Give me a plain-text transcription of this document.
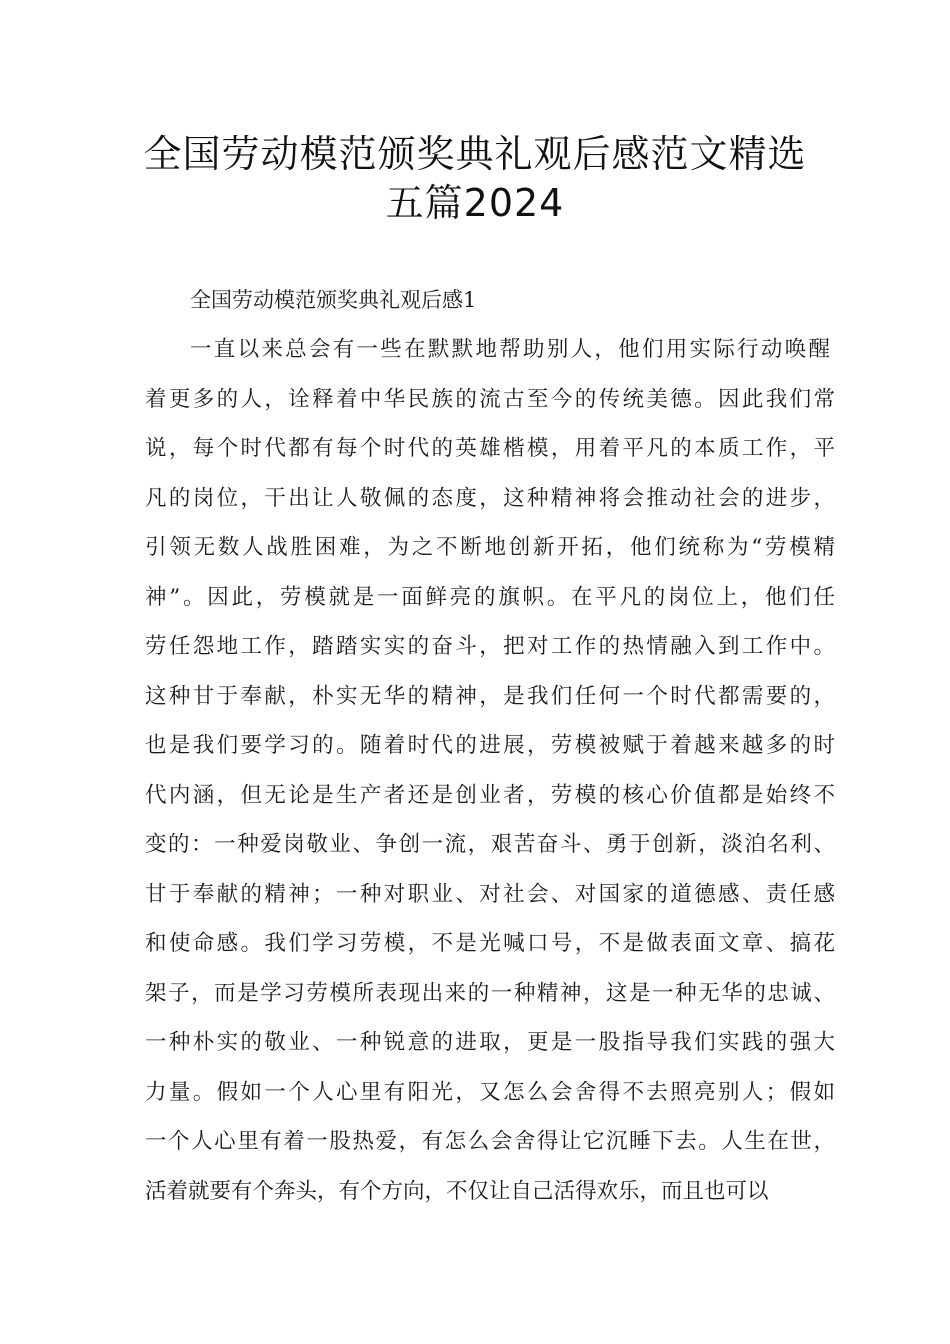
全国劳动模范颁奖典礼观后感范文精选
五篇2024
全国劳动模范颁奖典礼观后感1
一直以来总会有一些在默默地帮助别人，他们用实际行动唤醒
着更多的人，诠释着中华民族的流古至今的传统美德。因此我们常
说，每个时代都有每个时代的英雄楷模，用着平凡的本质工作，平
凡的岗位，干出让人敬佩的态度，这种精神将会推动社会的进步，
引领无数人战胜困难，为之不断地创新开拓，他们统称为“劳模精
神”。因此，劳模就是一面鲜亮的旗帜。在平凡的岗位上，他们任
劳任怨地工作，踏踏实实的奋斗，把对工作的热情融入到工作中。
这种甘于奉献，朴实无华的精神，是我们任何一个时代都需要的，
也是我们要学习的。随着时代的进展，劳模被赋于着越来越多的时
代内涵，但无论是生产者还是创业者，劳模的核心价值都是始终不
变的：一种爱岗敬业、争创一流，艰苦奋斗、勇于创新，淡泊名利、
甘于奉献的精神；一种对职业、对社会、对国家的道德感、责任感
和使命感。我们学习劳模，不是光喊口号，不是做表面文章、搞花
架子，而是学习劳模所表现出来的一种精神，这是一种无华的忠诚、
一种朴实的敬业、一种锐意的进取，更是一股指导我们实践的强大
力量。假如一个人心里有阳光，又怎么会舍得不去照亮别人；假如
一个人心里有着一股热爱，有怎么会舍得让它沉睡下去。人生在世，
活着就要有个奔头，有个方向，不仅让自己活得欢乐，而且也可以
